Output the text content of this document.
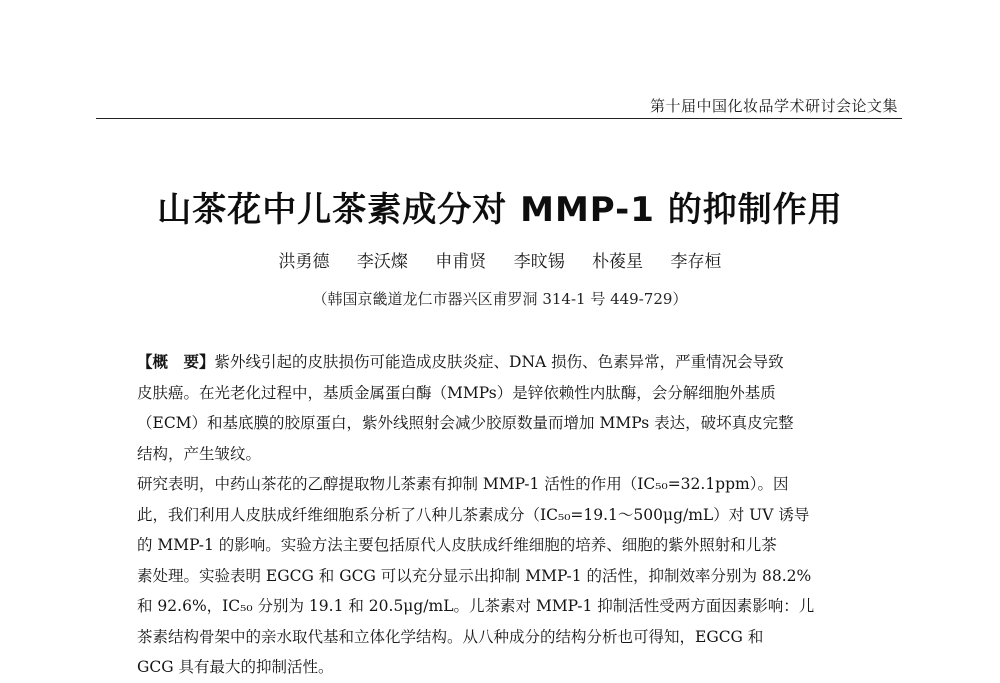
第十届中国化妆品学术研讨会论文集
山茶花中儿茶素成分对 MMP-1 的抑制作用
洪勇德 李沃燦 申甫贤 李旼锡 朴葰星 李存桓
（韩国京畿道龙仁市器兴区甫罗洞 314-1 号 449-729）

【概　要】紫外线引起的皮肤损伤可能造成皮肤炎症、DNA 损伤、色素异常，严重情况会导致
皮肤癌。在光老化过程中，基质金属蛋白酶（MMPs）是锌依赖性内肽酶，会分解细胞外基质
（ECM）和基底膜的胶原蛋白，紫外线照射会减少胶原数量而增加 MMPs 表达，破坏真皮完整
结构，产生皱纹。

研究表明，中药山茶花的乙醇提取物儿茶素有抑制 MMP-1 活性的作用（IC₅₀=32.1ppm）。因
此，我们利用人皮肤成纤维细胞系分析了八种儿茶素成分（IC₅₀=19.1～500μg/mL）对 UV 诱导
的 MMP-1 的影响。实验方法主要包括原代人皮肤成纤维细胞的培养、细胞的紫外照射和儿茶
素处理。实验表明 EGCG 和 GCG 可以充分显示出抑制 MMP-1 的活性，抑制效率分别为 88.2%
和 92.6%，IC₅₀ 分别为 19.1 和 20.5μg/mL。儿茶素对 MMP-1 抑制活性受两方面因素影响：儿
茶素结构骨架中的亲水取代基和立体化学结构。从八种成分的结构分析也可得知，EGCG 和
GCG 具有最大的抑制活性。
